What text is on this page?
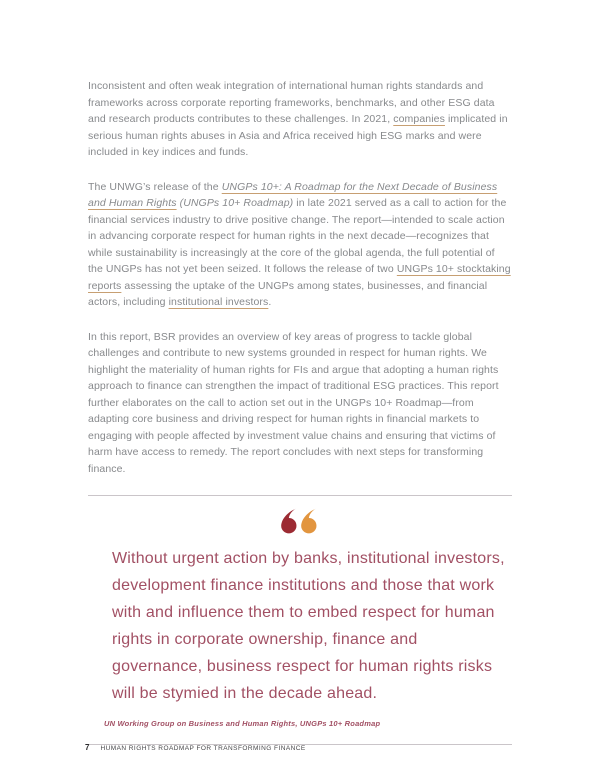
Inconsistent and often weak integration of international human rights standards and frameworks across corporate reporting frameworks, benchmarks, and other ESG data and research products contributes to these challenges. In 2021, companies implicated in serious human rights abuses in Asia and Africa received high ESG marks and were included in key indices and funds.

The UNWG’s release of the UNGPs 10+: A Roadmap for the Next Decade of Business and Human Rights (UNGPs 10+ Roadmap) in late 2021 served as a call to action for the financial services industry to drive positive change. The report—intended to scale action in advancing corporate respect for human rights in the next decade—recognizes that while sustainability is increasingly at the core of the global agenda, the full potential of the UNGPs has not yet been seized. It follows the release of two UNGPs 10+ stocktaking reports assessing the uptake of the UNGPs among states, businesses, and financial actors, including institutional investors.

In this report, BSR provides an overview of key areas of progress to tackle global challenges and contribute to new systems grounded in respect for human rights. We highlight the materiality of human rights for FIs and argue that adopting a human rights approach to finance can strengthen the impact of traditional ESG practices. This report further elaborates on the call to action set out in the UNGPs 10+ Roadmap—from adapting core business and driving respect for human rights in financial markets to engaging with people affected by investment value chains and ensuring that victims of harm have access to remedy. The report concludes with next steps for transforming finance.

Without urgent action by banks, institutional investors, development finance institutions and those that work with and influence them to embed respect for human rights in corporate ownership, finance and governance, business respect for human rights risks will be stymied in the decade ahead.
UN Working Group on Business and Human Rights, UNGPs 10+ Roadmap
7 HUMAN RIGHTS ROADMAP FOR TRANSFORMING FINANCE
